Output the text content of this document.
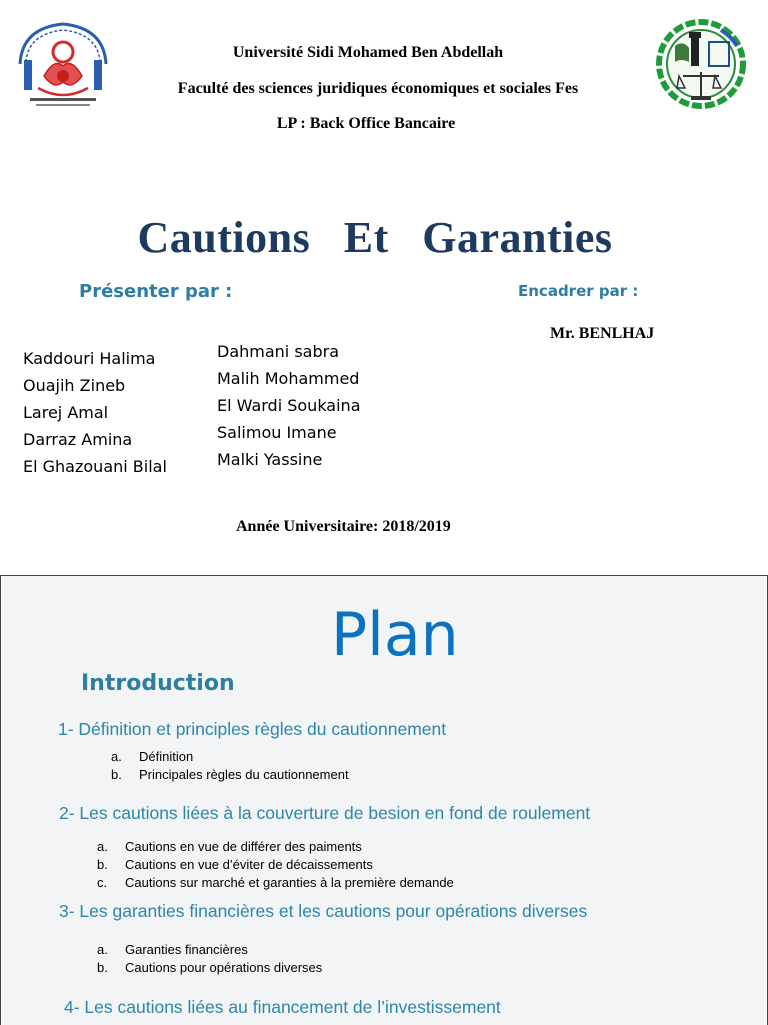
Université Sidi Mohamed Ben Abdellah
Faculté des sciences juridiques économiques et sociales Fes
LP : Back Office Bancaire
Cautions Et Garanties
Présenter par :	Encadrer par :
Mr. BENLHAJ
Kaddouri Halima
Ouajih Zineb
Larej Amal
Darraz Amina
El Ghazouani Bilal
Dahmani sabra
Malih Mohammed
El Wardi Soukaina
Salimou Imane
Malki Yassine
Année Universitaire: 2018/2019
Plan
Introduction
1- Définition et principles règles du cautionnement
a. Définition
b. Principales règles du cautionnement
2- Les cautions liées à la couverture de besion en fond de roulement
a. Cautions en vue de différer des paiments
b. Cautions en vue d’éviter de décaissements
c. Cautions sur marché et garanties à la première demande
3- Les garanties financières et les cautions pour opérations diverses
a. Garanties financières
b. Cautions pour opérations diverses
4- Les cautions liées au financement de l’investissement
